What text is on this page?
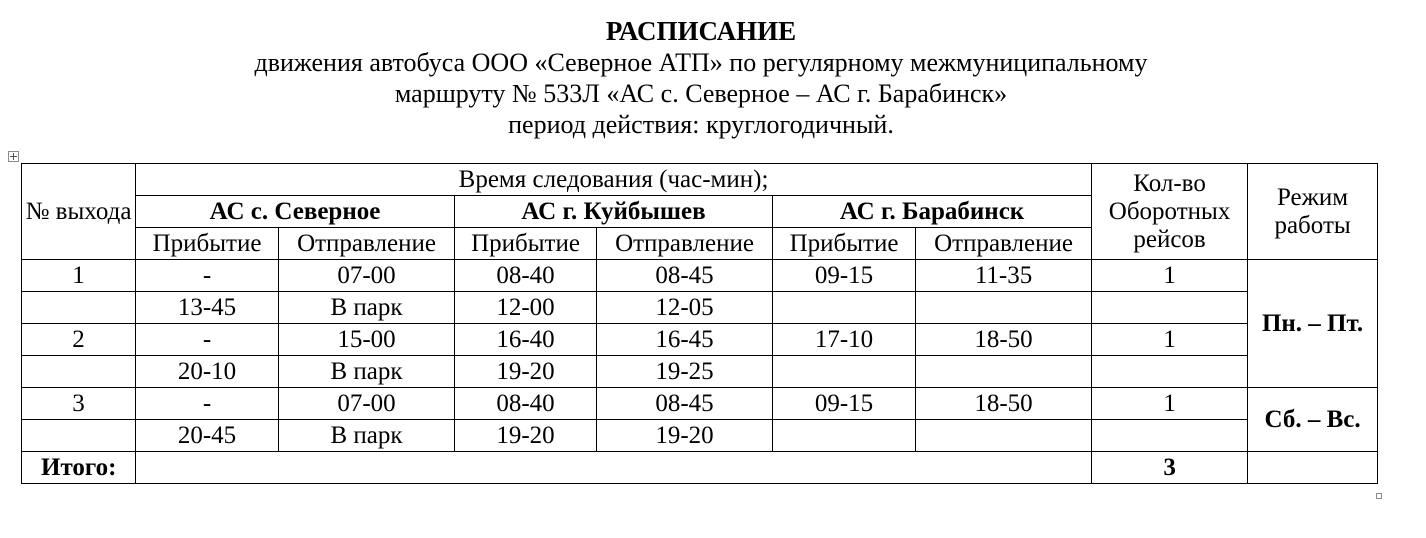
РАСПИСАНИЕ
движения автобуса ООО «Северное АТП» по регулярному межмуниципальному
маршруту № 533Л «АС с. Северное – АС г. Барабинск»
период действия: круглогодичный.
№ выхода	Время следования (час-мин);						Кол-во Оборотных рейсов	Режим работы
	АС с. Северное		АС г. Куйбышев		АС г. Барабинск			
	Прибытие	Отправление	Прибытие	Отправление	Прибытие	Отправление		
1	-	07-00	08-40	08-45	09-15	11-35	1	Пн. – Пт.
	13-45	В парк	12-00	12-05				
2	-	15-00	16-40	16-45	17-10	18-50	1	
	20-10	В парк	19-20	19-25				
3	-	07-00	08-40	08-45	09-15	18-50	1	Сб. – Вс.
	20-45	В парк	19-20	19-20				
Итого:							3	
